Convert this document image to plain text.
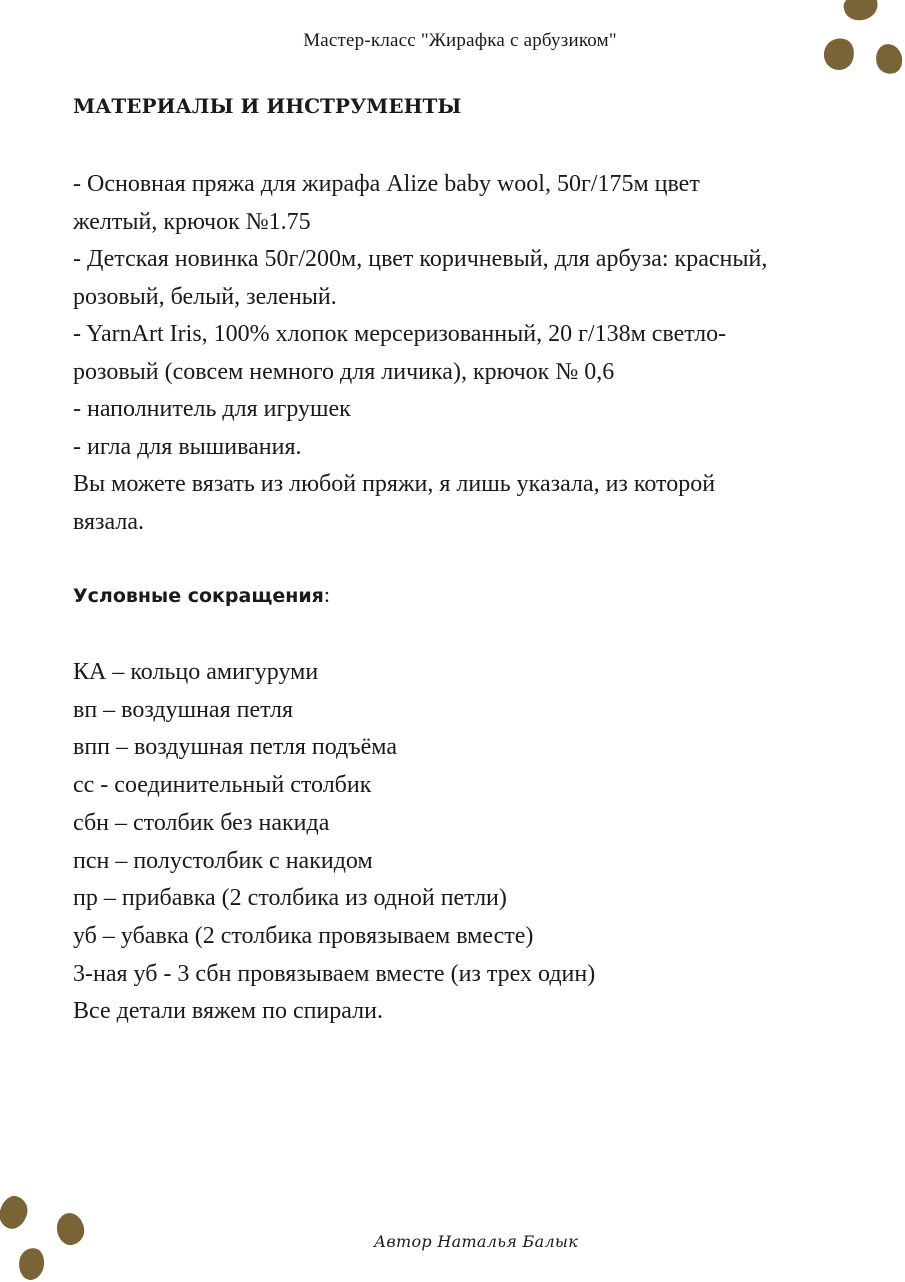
Мастер-класс "Жирафка с арбузиком"
МАТЕРИАЛЫ И ИНСТРУМЕНТЫ
- Основная пряжа для жирафа Alize baby wool, 50г/175м цвет
желтый, крючок №1.75
- Детская новинка 50г/200м, цвет коричневый, для арбуза: красный,
розовый, белый, зеленый.
- YarnArt Iris, 100% хлопок мерсеризованный, 20 г/138м светло-
розовый (совсем немного для личика), крючок № 0,6
- наполнитель для игрушек
- игла для вышивания.
Вы можете вязать из любой пряжи, я лишь указала, из которой
вязала.
Условные сокращения:
КА – кольцо амигуруми
вп – воздушная петля
впп – воздушная петля подъёма
сс - соединительный столбик
сбн – столбик без накида
псн – полустолбик с накидом
пр – прибавка (2 столбика из одной петли)
уб – убавка (2 столбика провязываем вместе)
3-ная уб - 3 сбн провязываем вместе (из трех один)
Все детали вяжем по спирали.
Автор Наталья Балык
